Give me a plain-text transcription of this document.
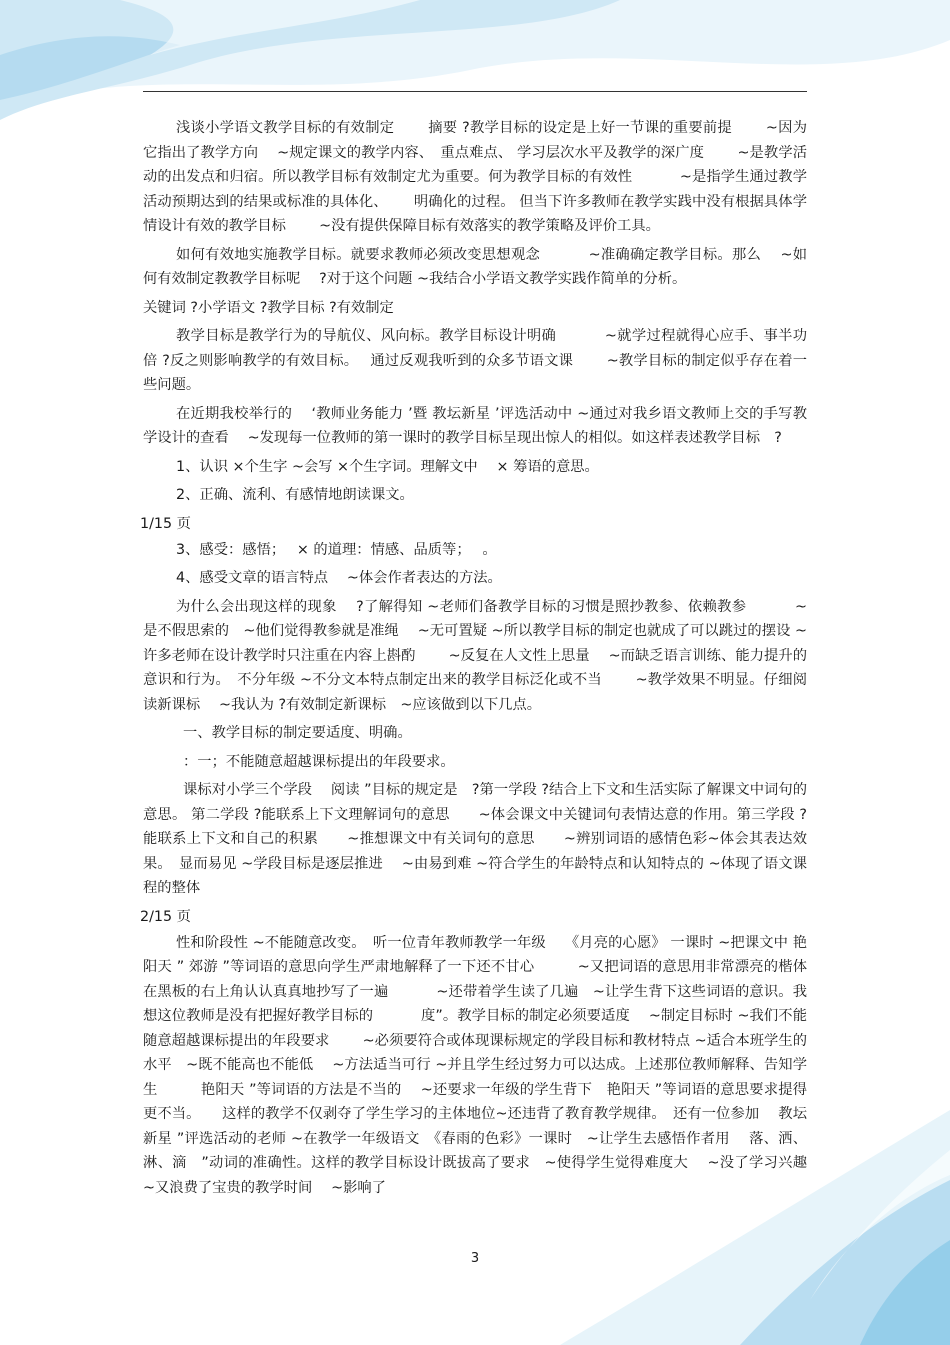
浅谈小学语文教学目标的有效制定　　 摘要 ?教学目标的设定是上好一节课的重要前提　　 ~因为它指出了教学方向　 ~规定课文的教学内容、　重点难点、 学习层次水平及教学的深广度　　 ~是教学活动的出发点和归宿。所以教学目标有效制定尤为重要。何为教学目标的有效性　　　 ~是指学生通过教学活动预期达到的结果或标准的具体化、　　 明确化的过程。 但当下许多教师在教学实践中没有根据具体学情设计有效的教学目标　　 ~没有提供保障目标有效落实的教学策略及评价工具。

如何有效地实施教学目标。就要求教师必须改变思想观念　　　 ~准确确定教学目标。那么　 ~如何有效制定教教学目标呢　 ?对于这个问题 ~我结合小学语文教学实践作简单的分析。

关键词 ?小学语文 ?教学目标 ?有效制定

教学目标是教学行为的导航仪、风向标。教学目标设计明确　　　 ~就学过程就得心应手、事半功倍 ?反之则影响教学的有效目标。　 通过反观我听到的众多节语文课　　 ~教学目标的制定似乎存在着一些问题。

在近期我校举行的　 ‘教师业务能力 ’暨 教坛新星 ’评选活动中 ~通过对我乡语文教师上交的手写教学设计的查看　 ~发现每一位教师的第一课时的教学目标呈现出惊人的相似。如这样表述教学目标　?

1、认识 ×个生字 ~会写 ×个生字词。理解文中　 × 筹语的意思。

2、正确、流利、有感情地朗读课文。

1/15 页

3、感受：感悟；　 × 的道理：情感、品质等；　 。

4、感受文章的语言特点　 ~体会作者表达的方法。

为什么会出现这样的现象　 ?了解得知 ~老师们备教学目标的习惯是照抄教参、依赖教参　　　 ~是不假思索的　~他们觉得教参就是准绳　 ~无可置疑 ~所以教学目标的制定也就成了可以跳过的摆设 ~许多老师在设计教学时只注重在内容上斟酌　　 ~反复在人文性上思量　 ~而缺乏语言训练、能力提升的意识和行为。　不分年级 ~不分文本特点制定出来的教学目标泛化或不当　　 ~教学效果不明显。仔细阅读新课标　 ~我认为 ?有效制定新课标　~应该做到以下几点。

一、教学目标的制定要适度、明确。

：一；不能随意超越课标提出的年段要求。

课标对小学三个学段　 阅读 ”目标的规定是　?第一学段 ?结合上下文和生活实际了解课文中词句的意思。 第二学段 ?能联系上下文理解词句的意思　　~体会课文中关键词句表情达意的作用。第三学段 ?能联系上下文和自己的积累　　~推想课文中有关词句的意思　　~辨别词语的感情色彩~体会其表达效果。　显而易见 ~学段目标是逐层推进　 ~由易到难 ~符合学生的年龄特点和认知特点的 ~体现了语文课程的整体

2/15 页

性和阶段性 ~不能随意改变。　听一位青年教师教学一年级　 《月亮的心愿》 一课时 ~把课文中 艳阳天 ” 郊游 ”等词语的意思向学生严肃地解释了一下还不甘心　　　~又把词语的意思用非常漂亮的楷体在黑板的右上角认认真真地抄写了一遍　　　 ~还带着学生读了几遍　~让学生背下这些词语的意识。我想这位教师是没有把握好教学目标的　　　 度”。教学目标的制定必须要适度　 ~制定目标时 ~我们不能随意超越课标提出的年段要求　　 ~必须要符合或体现课标规定的学段目标和教材特点 ~适合本班学生的水平　~既不能高也不能低　 ~方法适当可行 ~并且学生经过努力可以达成。上述那位教师解释、告知学生　　　艳阳天 ”等词语的方法是不当的　 ~还要求一年级的学生背下　艳阳天 ”等词语的意思要求提得更不当。　　这样的教学不仅剥夺了学生学习的主体地位~还违背了教育教学规律。　还有一位参加　 教坛新星 ”评选活动的老师 ~在教学一年级语文　《春雨的色彩》一课时　~让学生去感悟作者用　 落、洒、淋、滴　”动词的准确性。这样的教学目标设计既拔高了要求　~使得学生觉得难度大　 ~没了学习兴趣 ~又浪费了宝贵的教学时间　 ~影响了

3
